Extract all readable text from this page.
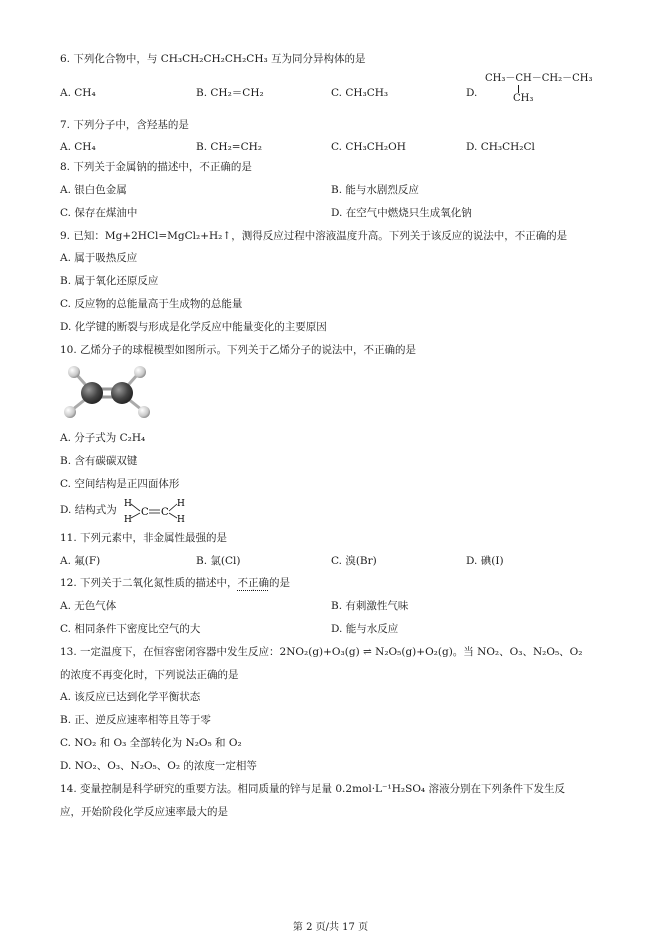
6. 下列化合物中，与 CH₃CH₂CH₂CH₂CH₃ 互为同分异构体的是
A. CH₄	B. CH₂＝CH₂	C. CH₃CH₃	D.
CH₃－CH－CH₂－CH₃
CH₃
7. 下列分子中，含羟基的是
A. CH₄	B. CH₂=CH₂	C. CH₃CH₂OH	D. CH₃CH₂Cl
8. 下列关于金属钠的描述中，不正确的是
A. 银白色金属	B. 能与水剧烈反应
C. 保存在煤油中	D. 在空气中燃烧只生成氧化钠
9. 已知：Mg+2HCl=MgCl₂+H₂↑，测得反应过程中溶液温度升高。下列关于该反应的说法中，不正确的是
A. 属于吸热反应
B. 属于氧化还原反应
C. 反应物的总能量高于生成物的总能量
D. 化学键的断裂与形成是化学反应中能量变化的主要原因
10. 乙烯分子的球棍模型如图所示。下列关于乙烯分子的说法中，不正确的是
A. 分子式为 C₂H₄
B. 含有碳碳双键
C. 空间结构是正四面体形
D. 结构式为 H
H
C C
H
H
11. 下列元素中，非金属性最强的是
A. 氟(F)	B. 氯(Cl)	C. 溴(Br)	D. 碘(I)
12. 下列关于二氧化氮性质的描述中，不正确的是
A. 无色气体	B. 有刺激性气味
C. 相同条件下密度比空气的大	D. 能与水反应
13. 一定温度下，在恒容密闭容器中发生反应：2NO₂(g)+O₃(g) ⇌ N₂O₅(g)+O₂(g)。当 NO₂、O₃、N₂O₅、O₂
的浓度不再变化时，下列说法正确的是
A. 该反应已达到化学平衡状态
B. 正、逆反应速率相等且等于零
C. NO₂ 和 O₃ 全部转化为 N₂O₅ 和 O₂
D. NO₂、O₃、N₂O₅、O₂ 的浓度一定相等
14. 变量控制是科学研究的重要方法。相同质量的锌与足量 0.2mol·L⁻¹H₂SO₄ 溶液分别在下列条件下发生反
应，开始阶段化学反应速率最大的是
第 2 页/共 17 页
